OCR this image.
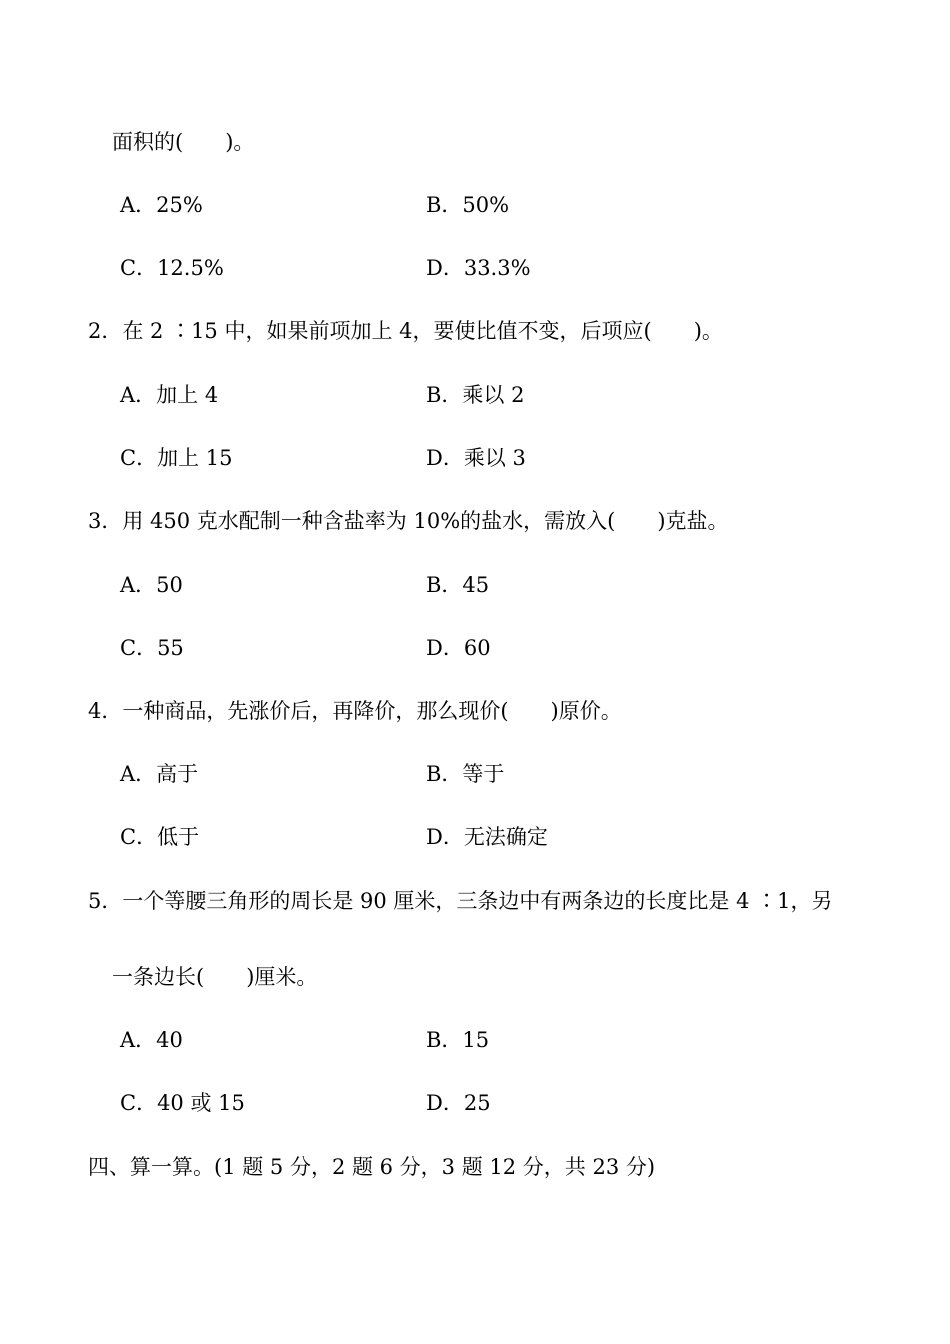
面积的(　　)。
A．25%	B．50%
C．12.5%	D．33.3%
2．在 2 ∶15 中，如果前项加上 4，要使比值不变，后项应(　　)。
A．加上 4	B．乘以 2
C．加上 15	D．乘以 3
3．用 450 克水配制一种含盐率为 10%的盐水，需放入(　　)克盐。
A．50	B．45
C．55	D．60
4．一种商品，先涨价后，再降价，那么现价(　　)原价。
A．高于	B．等于
C．低于	D．无法确定
5．一个等腰三角形的周长是 90 厘米，三条边中有两条边的长度比是 4 ∶1，另
一条边长(　　)厘米。
A．40	B．15
C．40 或 15	D．25
四、算一算。(1 题 5 分，2 题 6 分，3 题 12 分，共 23 分)
